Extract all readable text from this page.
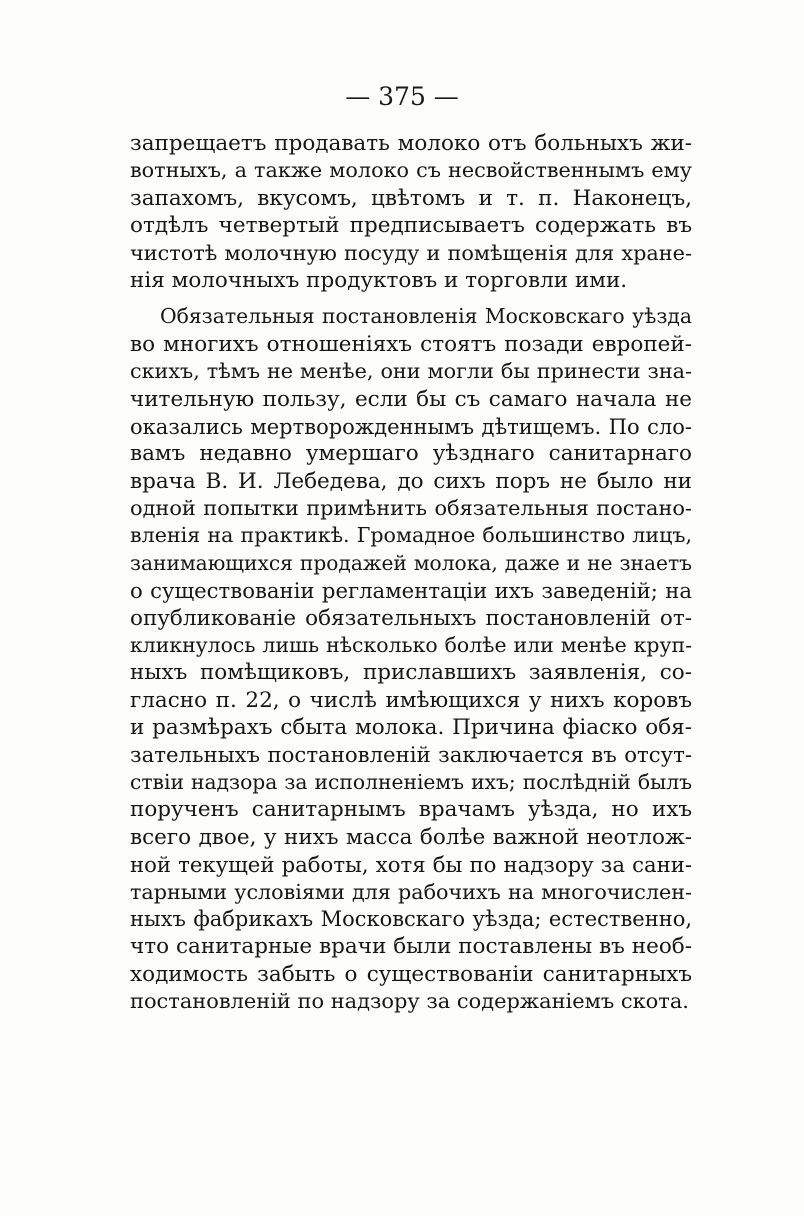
— 375 —
запрещаетъ продавать молоко отъ больныхъ жи-
вотныхъ, а также молоко съ несвойственнымъ ему
запахомъ, вкусомъ, цвѣтомъ и т. п. Наконецъ,
отдѣлъ четвертый предписываетъ содержать въ
чистотѣ молочную посуду и помѣщенія для хране-
нія молочныхъ продуктовъ и торговли ими.
Обязательныя постановленія Московскаго уѣзда
во многихъ отношеніяхъ стоятъ позади европей-
скихъ, тѣмъ не менѣе, они могли бы принести зна-
чительную пользу, если бы съ самаго начала не
оказались мертворожденнымъ дѣтищемъ. По сло-
вамъ недавно умершаго уѣзднаго санитарнаго
врача В. И. Лебедева, до сихъ поръ не было ни
одной попытки примѣнить обязательныя постано-
вленія на практикѣ. Громадное большинство лицъ,
занимающихся продажей молока, даже и не знаетъ
о существованіи регламентаціи ихъ заведеній; на
опубликованіе обязательныхъ постановленій от-
кликнулось лишь нѣсколько болѣе или менѣе круп-
ныхъ помѣщиковъ, приславшихъ заявленія, со-
гласно п. 22, о числѣ имѣющихся у нихъ коровъ
и размѣрахъ сбыта молока. Причина фіаско обя-
зательныхъ постановленій заключается въ отсут-
ствіи надзора за исполненіемъ ихъ; послѣдній былъ
порученъ санитарнымъ врачамъ уѣзда, но ихъ
всего двое, у нихъ масса болѣе важной неотлож-
ной текущей работы, хотя бы по надзору за сани-
тарными условіями для рабочихъ на многочислен-
ныхъ фабрикахъ Московскаго уѣзда; естественно,
что санитарные врачи были поставлены въ необ-
ходимость забыть о существованіи санитарныхъ
постановленій по надзору за содержаніемъ скота.
